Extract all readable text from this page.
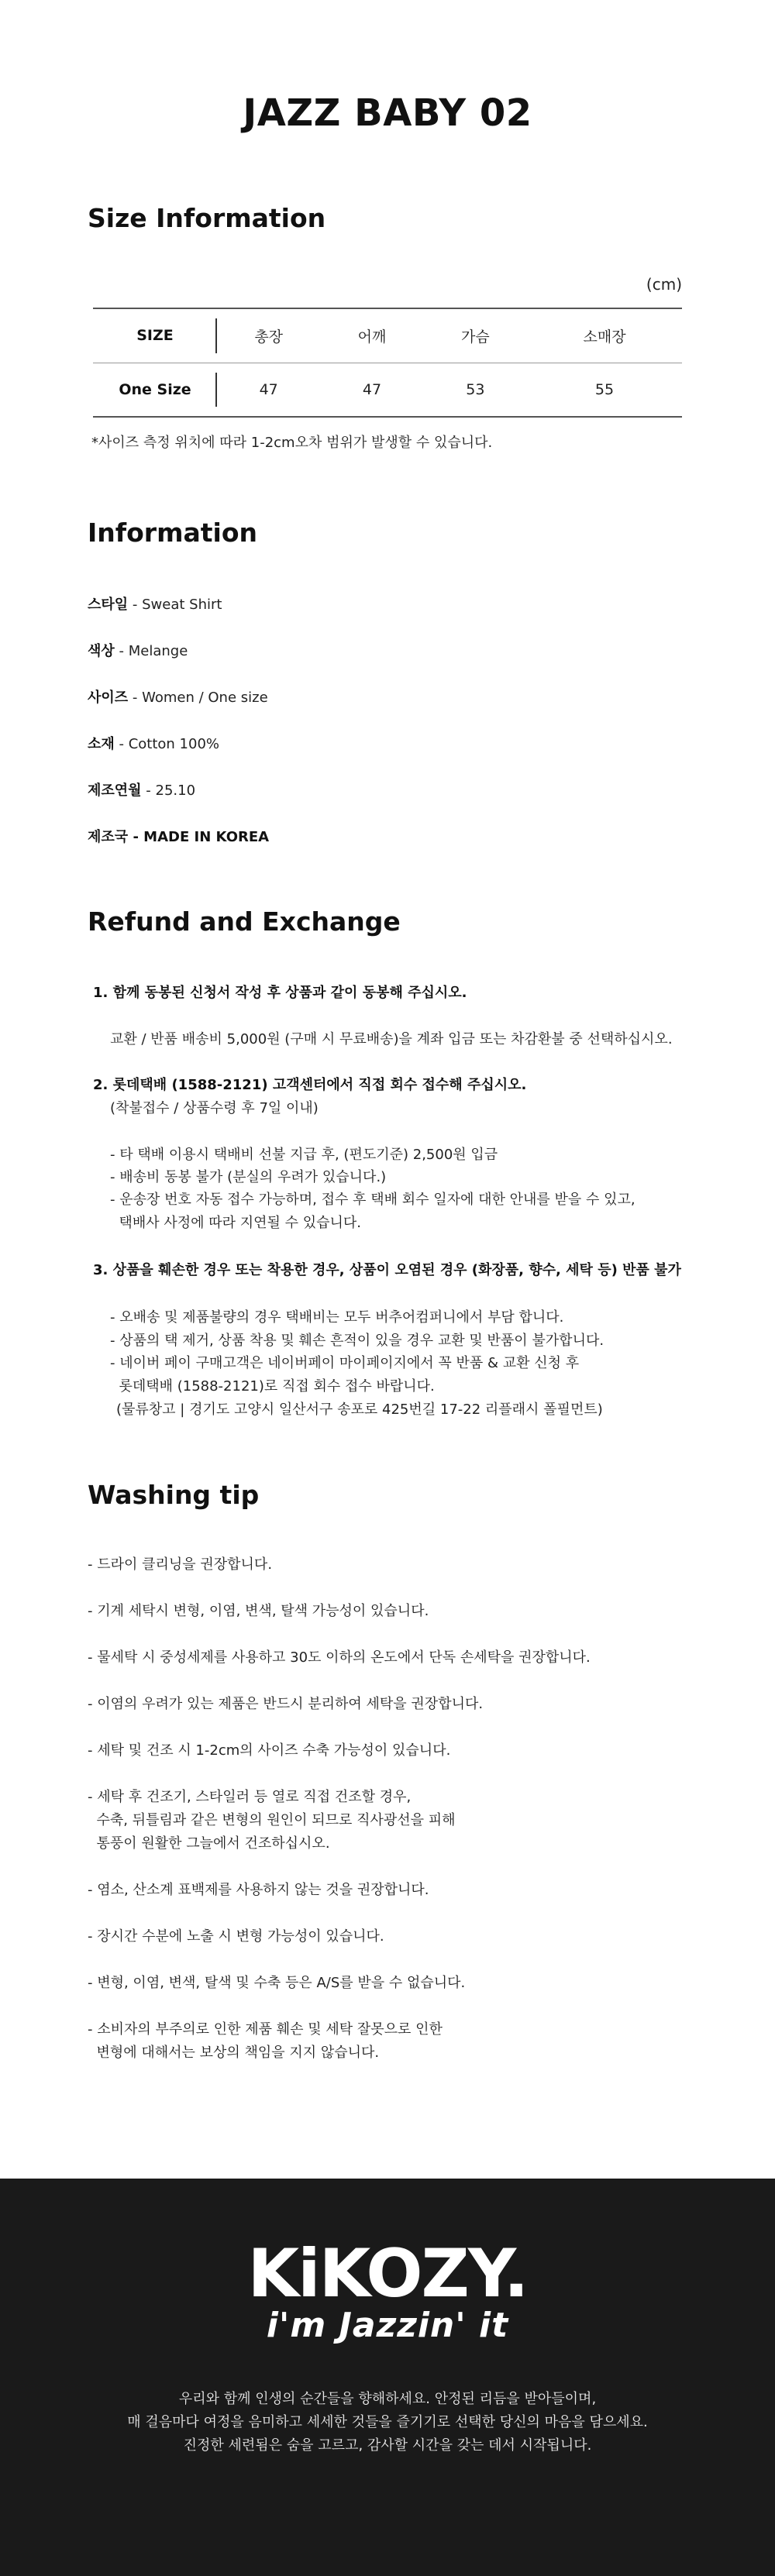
JAZZ BABY 02
Size Information
(cm)
SIZE	총장	어깨	가슴	소매장
One Size	47	47	53	55
*사이즈 측정 위치에 따라 1-2cm오차 범위가 발생할 수 있습니다.
Information
스타일 - Sweat Shirt
색상 - Melange
사이즈 - Women / One size
소재 - Cotton 100%
제조연월 - 25.10
제조국 - MADE IN KOREA
Refund and Exchange
1. 함께 동봉된 신청서 작성 후 상품과 같이 동봉해 주십시오.
교환 / 반품 배송비 5,000원 (구매 시 무료배송)을 계좌 입금 또는 차감환불 중 선택하십시오.
2. 롯데택배 (1588-2121) 고객센터에서 직접 회수 접수해 주십시오.
(착불접수 / 상품수령 후 7일 이내)
- 타 택배 이용시 택배비 선불 지급 후, (편도기준) 2,500원 입금
- 배송비 동봉 불가 (분실의 우려가 있습니다.)
- 운송장 번호 자동 접수 가능하며, 접수 후 택배 회수 일자에 대한 안내를 받을 수 있고,
택배사 사정에 따라 지연될 수 있습니다.
3. 상품을 훼손한 경우 또는 착용한 경우, 상품이 오염된 경우 (화장품, 향수, 세탁 등) 반품 불가
- 오배송 및 제품불량의 경우 택배비는 모두 버추어컴퍼니에서 부담 합니다.
- 상품의 택 제거, 상품 착용 및 훼손 흔적이 있을 경우 교환 및 반품이 불가합니다.
- 네이버 페이 구매고객은 네이버페이 마이페이지에서 꼭 반품 & 교환 신청 후
롯데택배 (1588-2121)로 직접 회수 접수 바랍니다.
(물류창고 | 경기도 고양시 일산서구 송포로 425번길 17-22 리플래시 폴필먼트)
Washing tip
- 드라이 클리닝을 권장합니다.
- 기계 세탁시 변형, 이염, 변색, 탈색 가능성이 있습니다.
- 물세탁 시 중성세제를 사용하고 30도 이하의 온도에서 단독 손세탁을 권장합니다.
- 이염의 우려가 있는 제품은 반드시 분리하여 세탁을 권장합니다.
- 세탁 및 건조 시 1-2cm의 사이즈 수축 가능성이 있습니다.
- 세탁 후 건조기, 스타일러 등 열로 직접 건조할 경우,
수축, 뒤틀림과 같은 변형의 원인이 되므로 직사광선을 피해
통풍이 원활한 그늘에서 건조하십시오.
- 염소, 산소계 표백제를 사용하지 않는 것을 권장합니다.
- 장시간 수분에 노출 시 변형 가능성이 있습니다.
- 변형, 이염, 변색, 탈색 및 수축 등은 A/S를 받을 수 없습니다.
- 소비자의 부주의로 인한 제품 훼손 및 세탁 잘못으로 인한
변형에 대해서는 보상의 책임을 지지 않습니다.
KiKOZY.
i'm Jazzin' it
우리와 함께 인생의 순간들을 향해하세요. 안정된 리듬을 받아들이며,
매 걸음마다 여정을 음미하고 세세한 것들을 즐기기로 선택한 당신의 마음을 담으세요.
진정한 세련됨은 숨을 고르고, 감사할 시간을 갖는 데서 시작됩니다.
